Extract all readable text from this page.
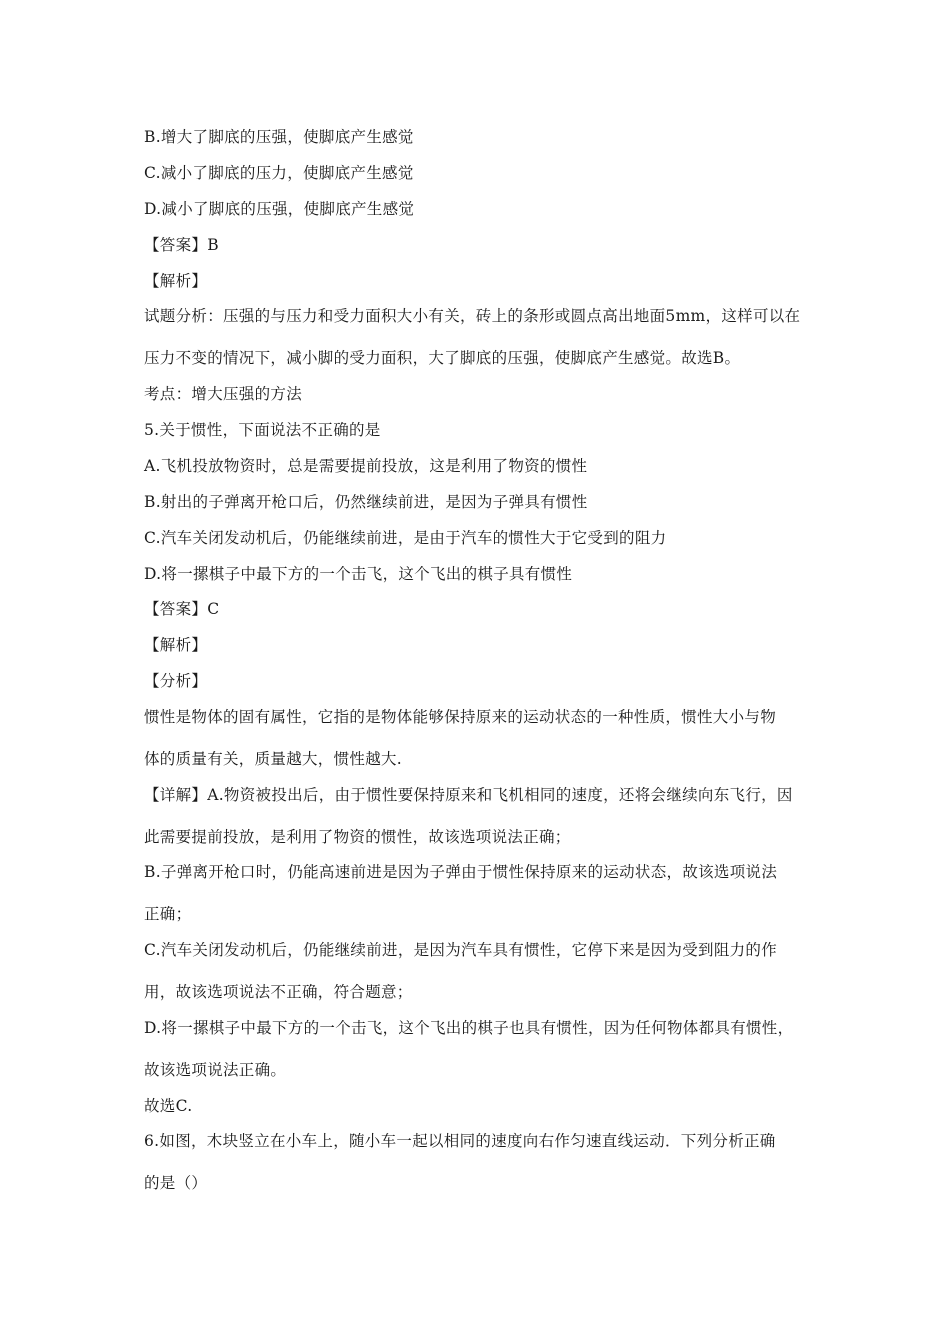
B.增大了脚底的压强，使脚底产生感觉
C.减小了脚底的压力，使脚底产生感觉
D.减小了脚底的压强，使脚底产生感觉
【答案】B
【解析】
试题分析：压强的与压力和受力面积大小有关，砖上的条形或圆点高出地面5mm，这样可以在
压力不变的情况下，减小脚的受力面积，大了脚底的压强，使脚底产生感觉。故选B。
考点：增大压强的方法
5.关于惯性，下面说法不正确的是
A.飞机投放物资时，总是需要提前投放，这是利用了物资的惯性
B.射出的子弹离开枪口后，仍然继续前进，是因为子弹具有惯性
C.汽车关闭发动机后，仍能继续前进，是由于汽车的惯性大于它受到的阻力
D.将一摞棋子中最下方的一个击飞，这个飞出的棋子具有惯性
【答案】C
【解析】
【分析】
惯性是物体的固有属性，它指的是物体能够保持原来的运动状态的一种性质，惯性大小与物
体的质量有关，质量越大，惯性越大.
【详解】A.物资被投出后，由于惯性要保持原来和飞机相同的速度，还将会继续向东飞行，因
此需要提前投放，是利用了物资的惯性，故该选项说法正确；
B.子弹离开枪口时，仍能高速前进是因为子弹由于惯性保持原来的运动状态，故该选项说法
正确；
C.汽车关闭发动机后，仍能继续前进，是因为汽车具有惯性，它停下来是因为受到阻力的作
用，故该选项说法不正确，符合题意；
D.将一摞棋子中最下方的一个击飞，这个飞出的棋子也具有惯性，因为任何物体都具有惯性，
故该选项说法正确。
故选C.
6.如图，木块竖立在小车上，随小车一起以相同的速度向右作匀速直线运动．下列分析正确
的是（）
